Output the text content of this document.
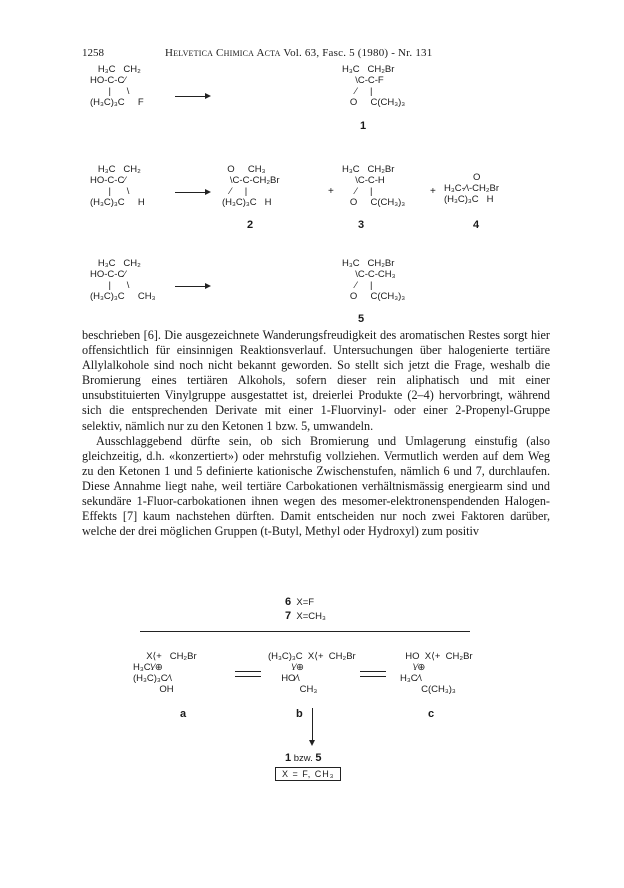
1258	Helvetica Chimica Acta Vol. 63, Fasc. 5 (1980) - Nr. 131
H₃C   CH₂
HO-C-C⁄
|      \
(H₃C)₃C     F
H₃C   CH₂Br
\C-C-F
⁄     |
O     C(CH₃)₃
1
H₃C   CH₂
HO-C-C⁄
|      \
(H₃C)₃C     H
O     CH₃
\C-C-CH₂Br
⁄     |
(H₃C)₃C   H
2
+
H₃C   CH₂Br
\C-C-H
⁄     |
O     C(CH₃)₃
3
+
O
H₃C-⁄\-CH₂Br
(H₃C)₃C   H
4
H₃C   CH₂
HO-C-C⁄
|      \
(H₃C)₃C     CH₃
H₃C   CH₂Br
\C-C-CH₃
⁄     |
O     C(CH₃)₃
5

beschrieben [6]. Die ausgezeichnete Wanderungsfreudigkeit des aromatischen Restes sorgt hier offensichtlich für einsinnigen Reaktionsverlauf. Untersuchungen über halogenierte tertiäre Allylalkohole sind noch nicht bekannt geworden. So stellt sich jetzt die Frage, weshalb die Bromierung eines tertiären Alkohols, sofern dieser rein aliphatisch und mit einer unsubstituierten Vinylgruppe ausgestattet ist, dreierlei Produkte (2–4) hervorbringt, während sich die entsprechenden Derivate mit einer 1-Fluorvinyl- oder einer 2-Propenyl-Gruppe selektiv, nämlich nur zu den Ketonen 1 bzw. 5, umwandeln.

Ausschlaggebend dürfte sein, ob sich Bromierung und Umlagerung einstufig (also gleichzeitig, d.h. «konzertiert») oder mehrstufig vollziehen. Vermutlich werden auf dem Weg zu den Ketonen 1 und 5 definierte kationische Zwischenstufen, nämlich 6 und 7, durchlaufen. Diese Annahme liegt nahe, weil tertiäre Carbokationen verhältnismässig energiearm sind und sekundäre 1-Fluor-carbokationen ihnen wegen des mesomer-elektronenspendenden Halogen-Effekts [7] kaum nachstehen dürften. Damit entscheiden nur noch zwei Faktoren darüber, welche der drei möglichen Gruppen (t-Butyl, Methyl oder Hydroxyl) zum positiv

6 X=F
7 X=CH₃
X⟨+   CH₂Br
H₃C\⁄⊕
(H₃C)₃C⁄\
OH
a
(H₃C)₃C  X⟨+  CH₂Br
\⁄⊕
HO⁄\
CH₃
b
HO  X⟨+  CH₂Br
\⁄⊕
H₃C⁄\
C(CH₃)₃
c
1 bzw. 5
X = F, CH₃
